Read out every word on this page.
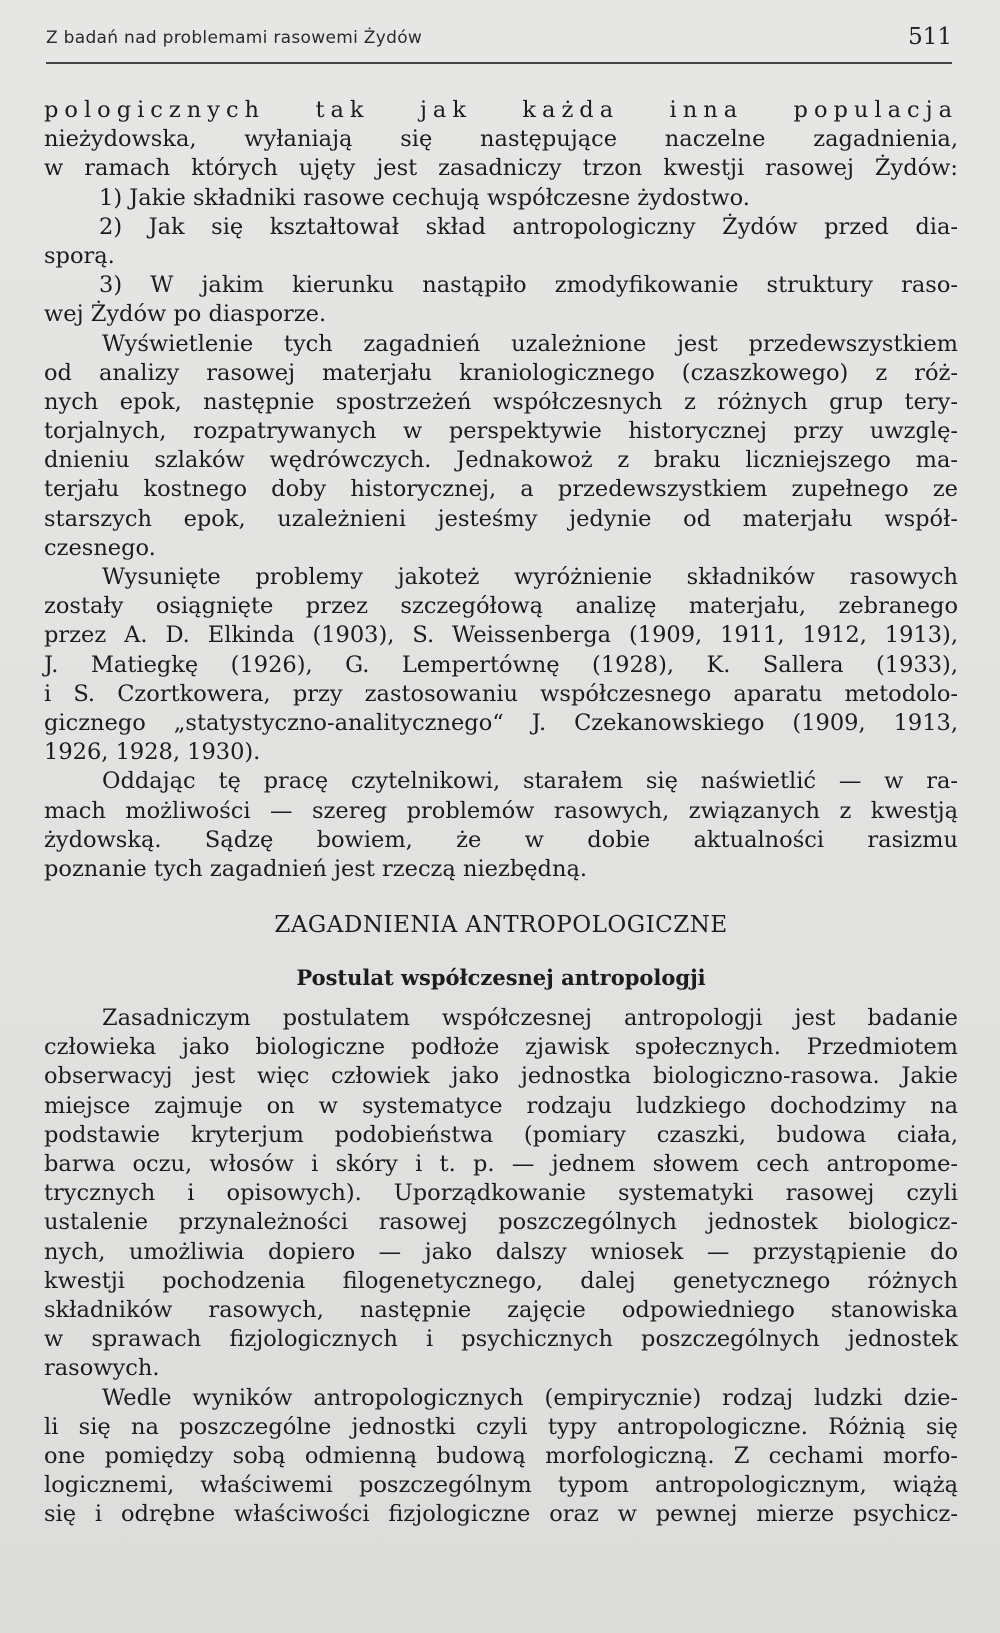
Z badań nad problemami rasowemi Żydów	511
pologicznych tak jak każda inna populacja
nieżydowska, wyłaniają się następujące naczelne zagadnienia,
w ramach których ujęty jest zasadniczy trzon kwestji rasowej Żydów:
1) Jakie składniki rasowe cechują współczesne żydostwo.
2) Jak się kształtował skład antropologiczny Żydów przed dia-
sporą.
3) W jakim kierunku nastąpiło zmodyfikowanie struktury raso-
wej Żydów po diasporze.
Wyświetlenie tych zagadnień uzależnione jest przedewszystkiem
od analizy rasowej materjału kraniologicznego (czaszkowego) z róż-
nych epok, następnie spostrzeżeń współczesnych z różnych grup tery-
torjalnych, rozpatrywanych w perspektywie historycznej przy uwzglę-
dnieniu szlaków wędrówczych. Jednakowoż z braku liczniejszego ma-
terjału kostnego doby historycznej, a przedewszystkiem zupełnego ze
starszych epok, uzależnieni jesteśmy jedynie od materjału współ-
czesnego.
Wysunięte problemy jakoteż wyróżnienie składników rasowych
zostały osiągnięte przez szczegółową analizę materjału, zebranego
przez A. D. Elkinda (1903), S. Weissenberga (1909, 1911, 1912, 1913),
J. Matiegkę (1926), G. Lempertównę (1928), K. Sallera (1933),
i S. Czortkowera, przy zastosowaniu współczesnego aparatu metodolo-
gicznego „statystyczno-analitycznego“ J. Czekanowskiego (1909, 1913,
1926, 1928, 1930).
Oddając tę pracę czytelnikowi, starałem się naświetlić — w ra-
mach możliwości — szereg problemów rasowych, związanych z kwestją
żydowską. Sądzę bowiem, że w dobie aktualności rasizmu
poznanie tych zagadnień jest rzeczą niezbędną.
ZAGADNIENIA ANTROPOLOGICZNE
Postulat współczesnej antropologji
Zasadniczym postulatem współczesnej antropologji jest badanie
człowieka jako biologiczne podłoże zjawisk społecznych. Przedmiotem
obserwacyj jest więc człowiek jako jednostka biologiczno-rasowa. Jakie
miejsce zajmuje on w systematyce rodzaju ludzkiego dochodzimy na
podstawie kryterjum podobieństwa (pomiary czaszki, budowa ciała,
barwa oczu, włosów i skóry i t. p. — jednem słowem cech antropome-
trycznych i opisowych). Uporządkowanie systematyki rasowej czyli
ustalenie przynależności rasowej poszczególnych jednostek biologicz-
nych, umożliwia dopiero — jako dalszy wniosek — przystąpienie do
kwestji pochodzenia filogenetycznego, dalej genetycznego różnych
składników rasowych, następnie zajęcie odpowiedniego stanowiska
w sprawach fizjologicznych i psychicznych poszczególnych jednostek
rasowych.
Wedle wyników antropologicznych (empirycznie) rodzaj ludzki dzie-
li się na poszczególne jednostki czyli typy antropologiczne. Różnią się
one pomiędzy sobą odmienną budową morfologiczną. Z cechami morfo-
logicznemi, właściwemi poszczególnym typom antropologicznym, wiążą
się i odrębne właściwości fizjologiczne oraz w pewnej mierze psychicz-
